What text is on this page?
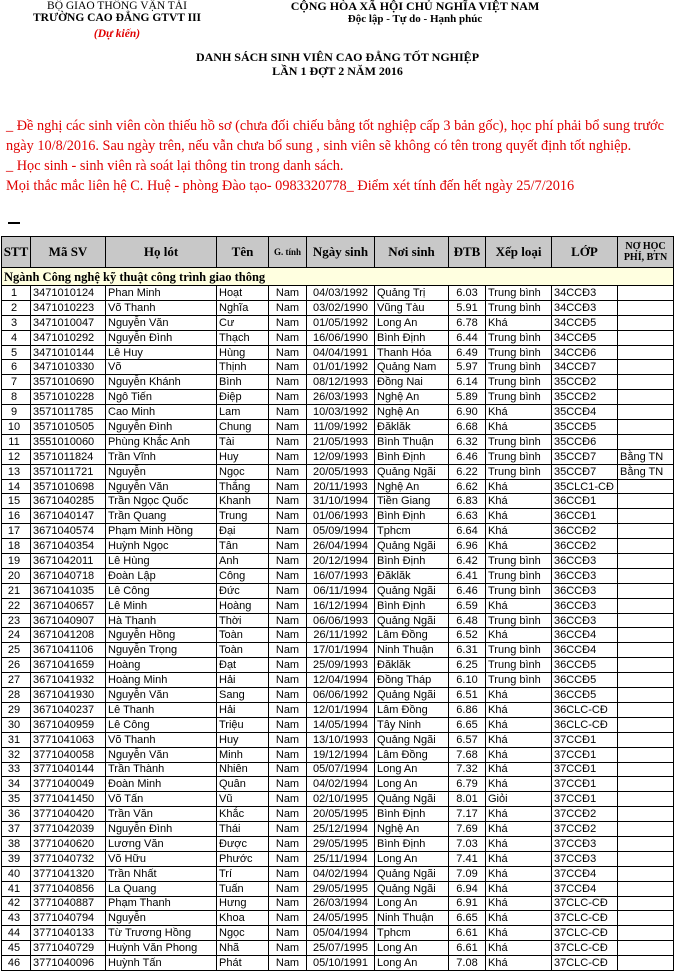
BỘ GIAO THÔNG VẬN TẢI
TRƯỜNG CAO ĐẲNG GTVT III
(Dự kiến)
CỘNG HÒA XÃ HỘI CHỦ NGHĨA VIỆT NAM
Độc lập - Tự do - Hạnh phúc
DANH SÁCH SINH VIÊN CAO ĐẲNG TỐT NGHIỆP
LẦN 1 ĐỢT 2 NĂM 2016

_ Đề nghị các sinh viên còn thiếu hồ sơ (chưa đối chiếu bằng tốt nghiệp cấp 3 bản gốc), học phí phải bổ sung trước ngày 10/8/2016. Sau ngày trên, nếu vẫn chưa bổ sung , sinh viên sẽ không có tên trong quyết định tốt nghiệp.

_ Học sinh - sinh viên rà soát lại thông tin trong danh sách.

Mọi thắc mắc liên hệ C. Huệ - phòng Đào tạo- 0983320778_ Điểm xét tính đến hết ngày 25/7/2016

STT	Mã SV	Họ lót	Tên	G. tính	Ngày sinh	Nơi sinh	ĐTB	Xếp loại	LỚP	NỢ HỌC PHÍ, BTN
Ngành Công nghệ kỹ thuật công trình giao thông										
1	3471010124	Phan Minh	Hoạt	Nam	04/03/1992	Quảng Trị	6.03	Trung bình	34CCĐ3	
2	3471010223	Võ Thanh	Nghĩa	Nam	03/02/1990	Vũng Tàu	5.91	Trung bình	34CCĐ3	
3	3471010047	Nguyễn Văn	Cư	Nam	01/05/1992	Long An	6.78	Khá	34CCĐ5	
4	3471010292	Nguyễn Đình	Thạch	Nam	16/06/1990	Bình Định	6.44	Trung bình	34CCĐ5	
5	3471010144	Lê Huy	Hùng	Nam	04/04/1991	Thanh Hóa	6.49	Trung bình	34CCĐ6	
6	3471010330	Võ	Thịnh	Nam	01/01/1992	Quảng Nam	5.97	Trung bình	34CCĐ7	
7	3571010690	Nguyễn Khánh	Bình	Nam	08/12/1993	Đồng Nai	6.14	Trung bình	35CCĐ2	
8	3571010228	Ngô Tiến	Điệp	Nam	26/03/1993	Nghệ An	5.89	Trung bình	35CCĐ2	
9	3571011785	Cao Minh	Lam	Nam	10/03/1992	Nghệ An	6.90	Khá	35CCĐ4	
10	3571010505	Nguyễn Đình	Chung	Nam	11/09/1992	Đăklăk	6.68	Khá	35CCĐ5	
11	3551010060	Phùng Khắc Anh	Tài	Nam	21/05/1993	Bình Thuận	6.32	Trung bình	35CCĐ6	
12	3571011824	Trần Vĩnh	Huy	Nam	12/09/1993	Bình Định	6.46	Trung bình	35CCĐ7	Bằng TN
13	3571011721	Nguyễn	Ngọc	Nam	20/05/1993	Quảng Ngãi	6.22	Trung bình	35CCĐ7	Bằng TN
14	3571010698	Nguyễn Văn	Thắng	Nam	20/11/1993	Nghệ An	6.62	Khá	35CLC1-CĐ	
15	3671040285	Trần Ngọc Quốc	Khanh	Nam	31/10/1994	Tiền Giang	6.83	Khá	36CCĐ1	
16	3671040147	Trần Quang	Trung	Nam	01/06/1993	Bình Định	6.63	Khá	36CCĐ1	
17	3671040574	Phạm Minh Hồng	Đại	Nam	05/09/1994	Tphcm	6.64	Khá	36CCĐ2	
18	3671040354	Huỳnh Ngọc	Tân	Nam	26/04/1994	Quảng Ngãi	6.96	Khá	36CCĐ2	
19	3671042011	Lê Hùng	Anh	Nam	20/12/1994	Bình Định	6.42	Trung bình	36CCĐ3	
20	3671040718	Đoàn Lập	Công	Nam	16/07/1993	Đăklăk	6.41	Trung bình	36CCĐ3	
21	3671041035	Lê Công	Đức	Nam	06/11/1994	Quảng Ngãi	6.46	Trung bình	36CCĐ3	
22	3671040657	Lê Minh	Hoàng	Nam	16/12/1994	Bình Định	6.59	Khá	36CCĐ3	
23	3671040907	Hà Thanh	Thời	Nam	06/06/1993	Quảng Ngãi	6.48	Trung bình	36CCĐ3	
24	3671041208	Nguyễn Hồng	Toàn	Nam	26/11/1992	Lâm Đồng	6.52	Khá	36CCĐ4	
25	3671041106	Nguyễn Trọng	Toàn	Nam	17/01/1994	Ninh Thuận	6.31	Trung bình	36CCĐ4	
26	3671041659	Hoàng	Đạt	Nam	25/09/1993	Đăklăk	6.25	Trung bình	36CCĐ5	
27	3671041932	Hoàng Minh	Hải	Nam	12/04/1994	Đồng Tháp	6.10	Trung bình	36CCĐ5	
28	3671041930	Nguyễn Văn	Sang	Nam	06/06/1992	Quảng Ngãi	6.51	Khá	36CCĐ5	
29	3671040237	Lê Thanh	Hải	Nam	12/01/1994	Lâm Đồng	6.86	Khá	36CLC-CĐ	
30	3671040959	Lê Công	Triệu	Nam	14/05/1994	Tây Ninh	6.65	Khá	36CLC-CĐ	
31	3771041063	Võ Thanh	Huy	Nam	13/10/1993	Quảng Ngãi	6.57	Khá	37CCĐ1	
32	3771040058	Nguyễn Văn	Minh	Nam	19/12/1994	Lâm Đồng	7.68	Khá	37CCĐ1	
33	3771040144	Trần Thành	Nhiên	Nam	05/07/1994	Long An	7.32	Khá	37CCĐ1	
34	3771040049	Đoàn Minh	Quân	Nam	04/02/1994	Long An	6.79	Khá	37CCĐ1	
35	3771041450	Võ Tấn	Vũ	Nam	02/10/1995	Quảng Ngãi	8.01	Giỏi	37CCĐ1	
36	3771040420	Trần Văn	Khắc	Nam	20/05/1995	Bình Định	7.17	Khá	37CCĐ2	
37	3771042039	Nguyễn Đình	Thái	Nam	25/12/1994	Nghệ An	7.69	Khá	37CCĐ2	
38	3771040620	Lương Văn	Được	Nam	29/05/1995	Bình Định	7.03	Khá	37CCĐ3	
39	3771040732	Võ Hữu	Phước	Nam	25/11/1994	Long An	7.41	Khá	37CCĐ3	
40	3771041320	Trần Nhất	Trí	Nam	04/02/1994	Quảng Ngãi	7.09	Khá	37CCĐ4	
41	3771040856	La Quang	Tuấn	Nam	29/05/1995	Quảng Ngãi	6.94	Khá	37CCĐ4	
42	3771040887	Phạm Thanh	Hưng	Nam	26/03/1994	Long An	6.91	Khá	37CLC-CĐ	
43	3771040794	Nguyễn	Khoa	Nam	24/05/1995	Ninh Thuận	6.65	Khá	37CLC-CĐ	
44	3771040133	Từ Trương Hồng	Ngọc	Nam	05/04/1994	Tphcm	6.61	Khá	37CLC-CĐ	
45	3771040729	Huỳnh Văn Phong	Nhã	Nam	25/07/1995	Long An	6.61	Khá	37CLC-CĐ	
46	3771040096	Huỳnh Tấn	Phát	Nam	05/10/1991	Long An	7.08	Khá	37CLC-CĐ	
